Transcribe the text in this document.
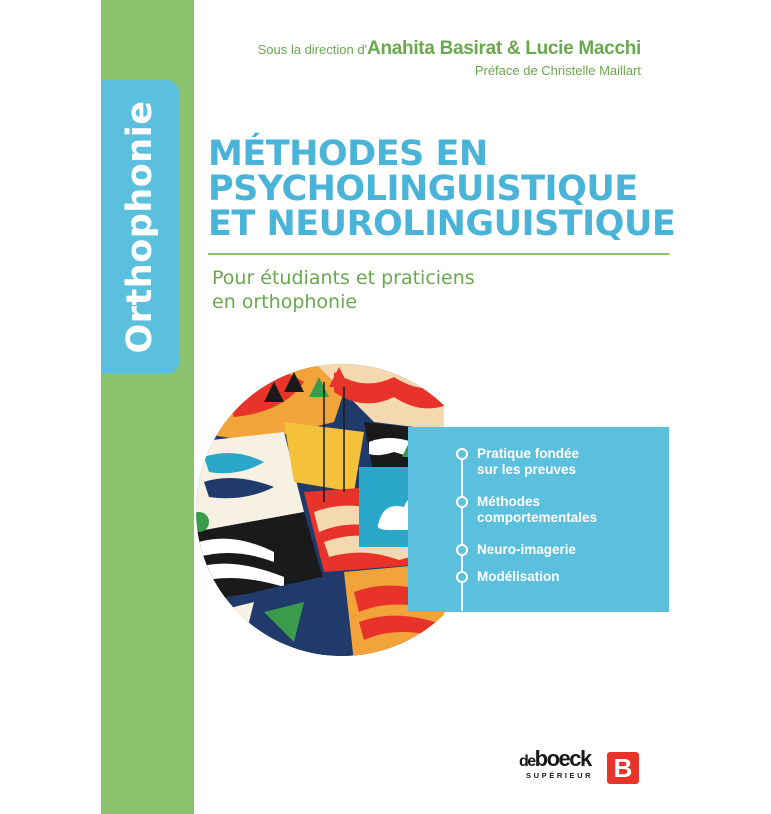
Orthophonie
Sous la direction d'Anahita Basirat & Lucie Macchi
Préface de Christelle Maillart
MÉTHODES EN
PSYCHOLINGUISTIQUE
ET NEUROLINGUISTIQUE
Pour étudiants et praticiens
en orthophonie
Pratique fondée
sur les preuves
Méthodes
comportementales
Neuro-imagerie
Modélisation
deboeck
SUPÉRIEUR B
